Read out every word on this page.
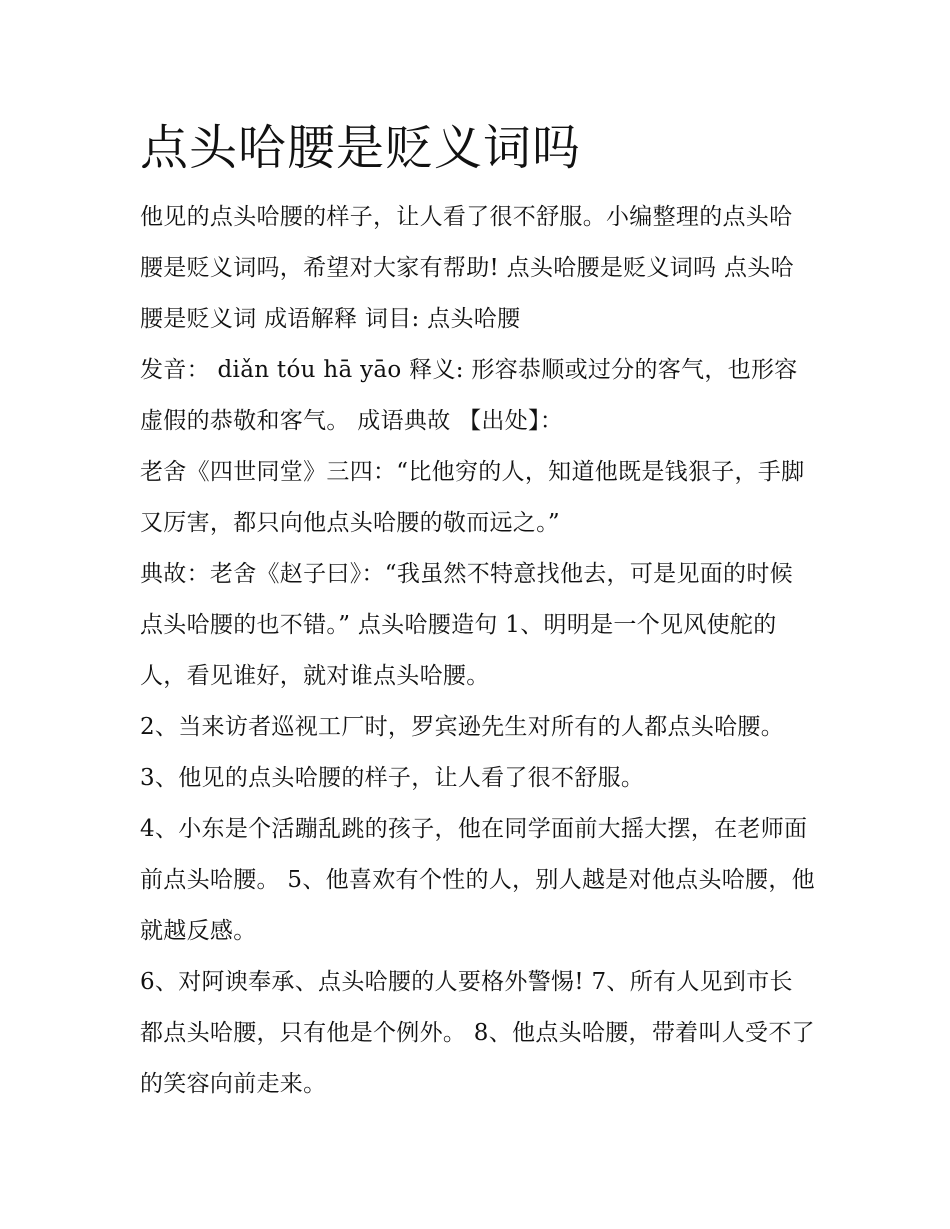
点头哈腰是贬义词吗

他见的点头哈腰的样子，让人看了很不舒服。小编整理的点头哈腰是贬义词吗，希望对大家有帮助! 点头哈腰是贬义词吗 点头哈腰是贬义词 成语解释 词目: 点头哈腰

发音： diǎn tóu hā yāo 释义: 形容恭顺或过分的客气，也形容虚假的恭敬和客气。 成语典故 【出处】：

老舍《四世同堂》三四：“比他穷的人，知道他既是钱狠子，手脚又厉害，都只向他点头哈腰的敬而远之。”

典故：老舍《赵子曰》：“我虽然不特意找他去，可是见面的时候点头哈腰的也不错。” 点头哈腰造句 1、明明是一个见风使舵的人，看见谁好，就对谁点头哈腰。

2、当来访者巡视工厂时，罗宾逊先生对所有的人都点头哈腰。 3、他见的点头哈腰的样子，让人看了很不舒服。

4、小东是个活蹦乱跳的孩子，他在同学面前大摇大摆，在老师面前点头哈腰。 5、他喜欢有个性的人，别人越是对他点头哈腰，他就越反感。

6、对阿谀奉承、点头哈腰的人要格外警惕! 7、所有人见到市长都点头哈腰，只有他是个例外。 8、他点头哈腰，带着叫人受不了的笑容向前走来。
